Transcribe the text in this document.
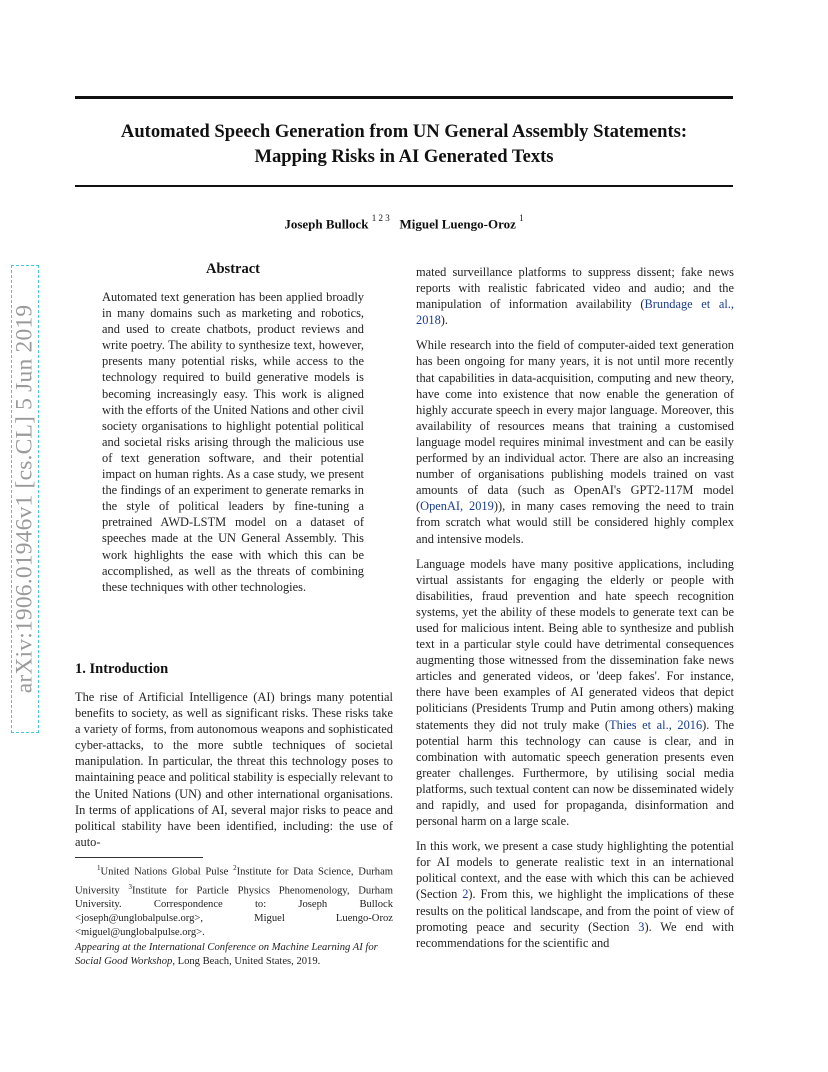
arXiv:1906.01946v1 [cs.CL] 5 Jun 2019
Automated Speech Generation from UN General Assembly Statements:
Mapping Risks in AI Generated Texts
Joseph Bullock $^{1 2 3}$ Miguel Luengo-Oroz $^1$
Abstract
Automated text generation has been applied broadly in many domains such as marketing and robotics, and used to create chatbots, product reviews and write poetry. The ability to synthesize text, however, presents many potential risks, while access to the technology required to build generative models is becoming increasingly easy. This work is aligned with the efforts of the United Nations and other civil society organisations to highlight potential political and societal risks arising through the malicious use of text generation software, and their potential impact on human rights. As a case study, we present the findings of an experiment to generate remarks in the style of political leaders by fine-tuning a pretrained AWD-LSTM model on a dataset of speeches made at the UN General Assembly. This work highlights the ease with which this can be accomplished, as well as the threats of combining these techniques with other technologies.
1. Introduction
The rise of Artificial Intelligence (AI) brings many potential benefits to society, as well as significant risks. These risks take a variety of forms, from autonomous weapons and sophisticated cyber-attacks, to the more subtle techniques of societal manipulation. In particular, the threat this technology poses to maintaining peace and political stability is especially relevant to the United Nations (UN) and other international organisations. In terms of applications of AI, several major risks to peace and political stability have been identified, including: the use of auto-
$^1$United Nations Global Pulse $^2$Institute for Data Science, Durham University $^3$Institute for Particle Physics Phenomenology, Durham University. Correspondence to: Joseph Bullock <joseph@unglobalpulse.org>, Miguel Luengo-Oroz <miguel@unglobalpulse.org>.
Appearing at the International Conference on Machine Learning AI for Social Good Workshop, Long Beach, United States, 2019.

mated surveillance platforms to suppress dissent; fake news reports with realistic fabricated video and audio; and the manipulation of information availability (Brundage et al., 2018).

While research into the field of computer-aided text generation has been ongoing for many years, it is not until more recently that capabilities in data-acquisition, computing and new theory, have come into existence that now enable the generation of highly accurate speech in every major language. Moreover, this availability of resources means that training a customised language model requires minimal investment and can be easily performed by an individual actor. There are also an increasing number of organisations publishing models trained on vast amounts of data (such as OpenAI's GPT2-117M model (OpenAI, 2019)), in many cases removing the need to train from scratch what would still be considered highly complex and intensive models.

Language models have many positive applications, including virtual assistants for engaging the elderly or people with disabilities, fraud prevention and hate speech recognition systems, yet the ability of these models to generate text can be used for malicious intent. Being able to synthesize and publish text in a particular style could have detrimental consequences augmenting those witnessed from the dissemination fake news articles and generated videos, or 'deep fakes'. For instance, there have been examples of AI generated videos that depict politicians (Presidents Trump and Putin among others) making statements they did not truly make (Thies et al., 2016). The potential harm this technology can cause is clear, and in combination with automatic speech generation presents even greater challenges. Furthermore, by utilising social media platforms, such textual content can now be disseminated widely and rapidly, and used for propaganda, disinformation and personal harm on a large scale.

In this work, we present a case study highlighting the potential for AI models to generate realistic text in an international political context, and the ease with which this can be achieved (Section 2). From this, we highlight the implications of these results on the political landscape, and from the point of view of promoting peace and security (Section 3). We end with recommendations for the scientific and
